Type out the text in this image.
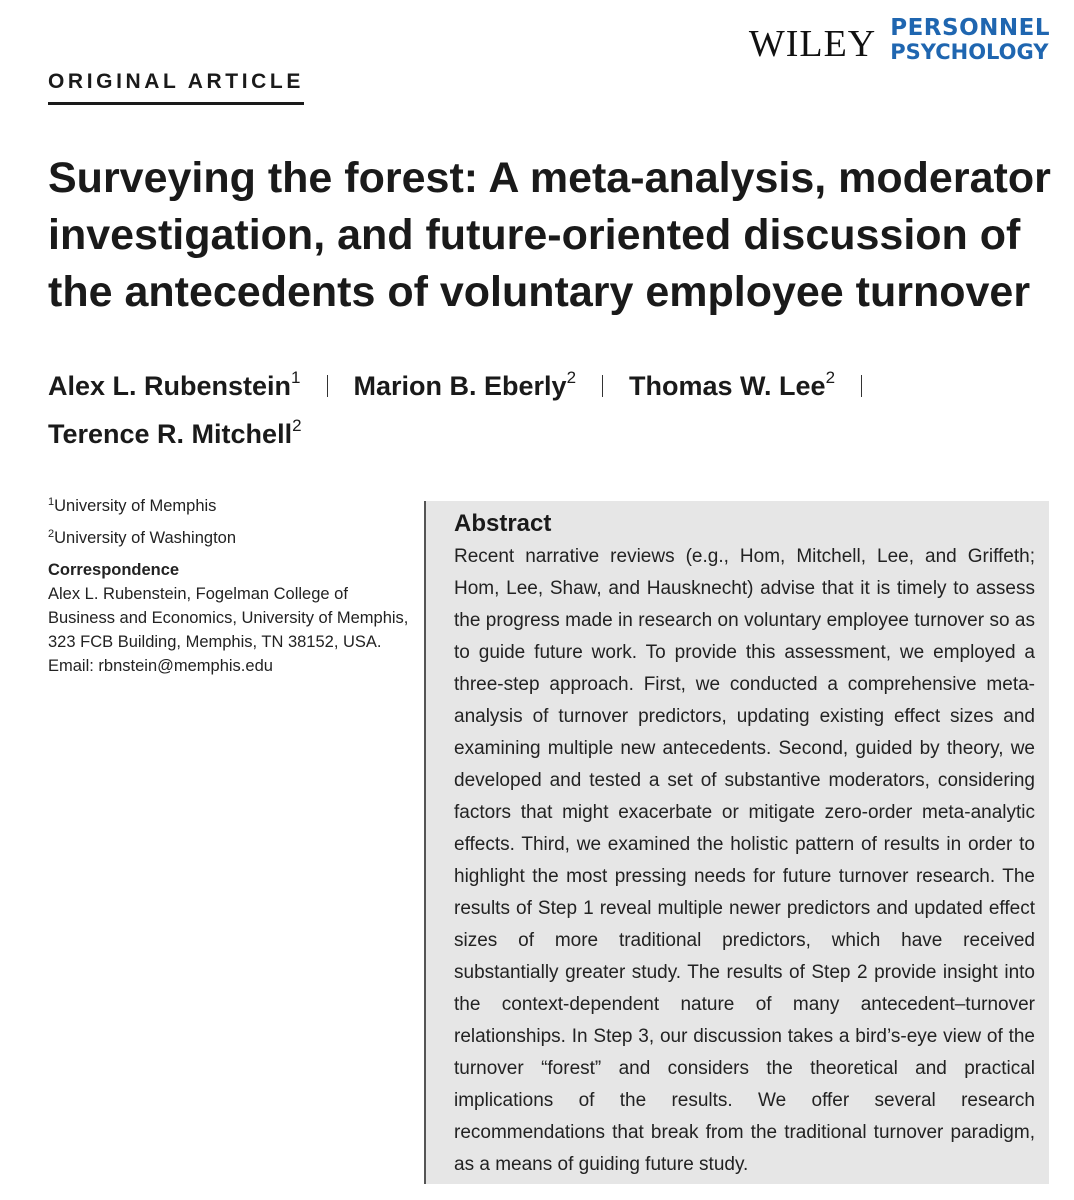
WILEY PERSONNEL
PSYCHOLOGY
ORIGINAL ARTICLE
Surveying the forest: A meta-analysis, moderator investigation, and future-oriented discussion of the antecedents of voluntary employee turnover
Alex L. Rubenstein$^1$ Marion B. Eberly$^2$ Thomas W. Lee$^2$
Terence R. Mitchell$^2$
$^1$University of Memphis
$^2$University of Washington
Correspondence
Alex L. Rubenstein, Fogelman College of Business and Economics, University of Memphis, 323 FCB Building, Memphis, TN 38152, USA.
Email: rbnstein@memphis.edu
Abstract

Recent narrative reviews (e.g., Hom, Mitchell, Lee, and Griffeth; Hom, Lee, Shaw, and Hausknecht) advise that it is timely to assess the progress made in research on voluntary employee turnover so as to guide future work. To provide this assessment, we employed a three-step approach. First, we conducted a comprehensive meta-analysis of turnover predictors, updating existing effect sizes and examining multiple new antecedents. Second, guided by theory, we developed and tested a set of substantive moderators, considering factors that might exacerbate or mitigate zero-order meta-analytic effects. Third, we examined the holistic pattern of results in order to highlight the most pressing needs for future turnover research. The results of Step 1 reveal multiple newer predictors and updated effect sizes of more traditional predictors, which have received substantially greater study. The results of Step 2 provide insight into the context-dependent nature of many antecedent–turnover relationships. In Step 3, our discussion takes a bird’s-eye view of the turnover “forest” and considers the theoretical and practical implications of the results. We offer several research recommendations that break from the traditional turnover paradigm, as a means of guiding future study.
